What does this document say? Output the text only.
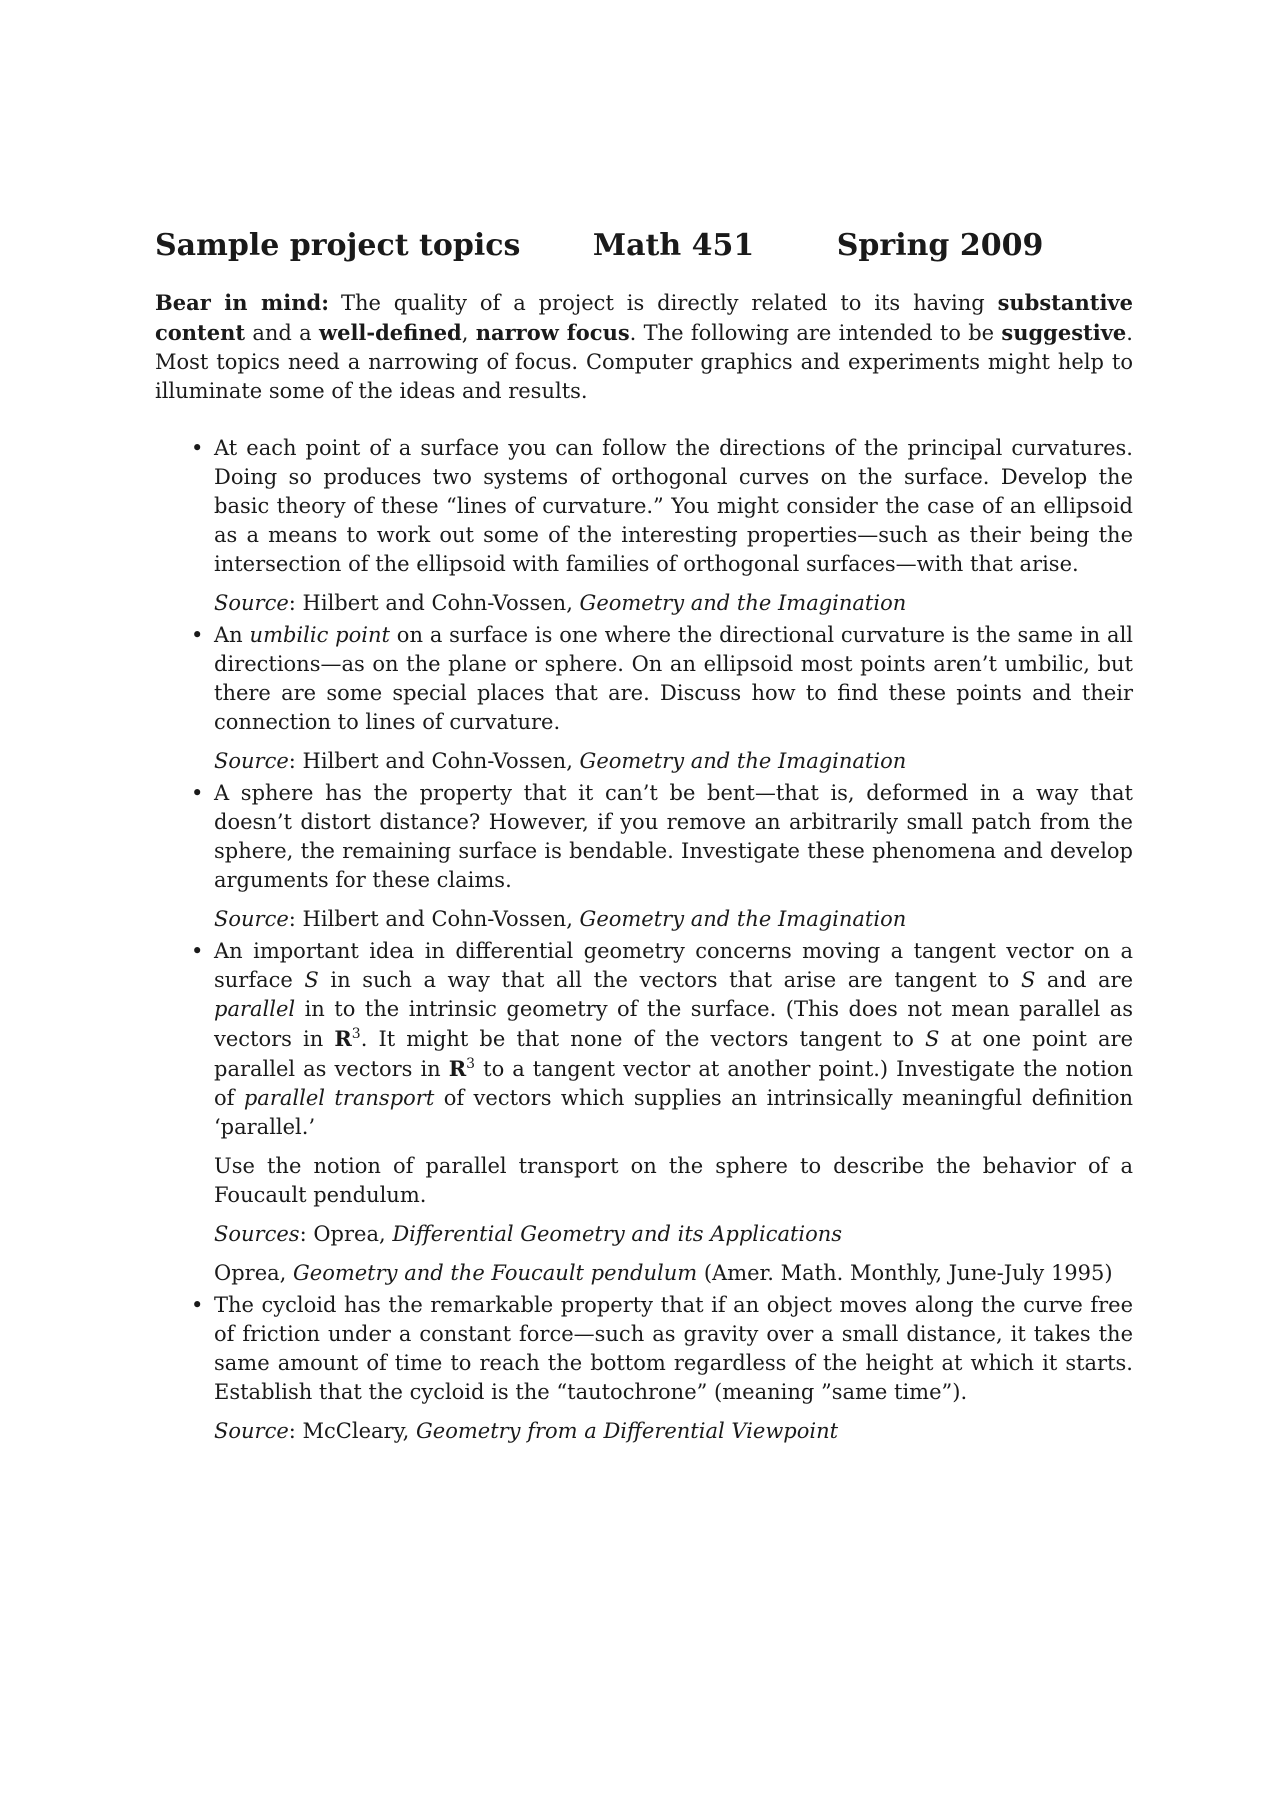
Sample project topics Math 451	Spring 2009

Bear in mind: The quality of a project is directly related to its having substantive content and a well-defined, narrow focus. The following are intended to be suggestive. Most topics need a narrowing of focus. Computer graphics and experiments might help to illuminate some of the ideas and results.

• At each point of a surface you can follow the directions of the principal curvatures. Doing so produces two systems of orthogonal curves on the surface. Develop the basic theory of these “lines of curvature.” You might consider the case of an ellipsoid as a means to work out some of the interesting properties—such as their being the intersection of the ellipsoid with families of orthogonal surfaces—with that arise.

Source: Hilbert and Cohn-Vossen, Geometry and the Imagination

• An umbilic point on a surface is one where the directional curvature is the same in all directions—as on the plane or sphere. On an ellipsoid most points aren’t umbilic, but there are some special places that are. Discuss how to find these points and their connection to lines of curvature.

Source: Hilbert and Cohn-Vossen, Geometry and the Imagination

• A sphere has the property that it can’t be bent—that is, deformed in a way that doesn’t distort distance? However, if you remove an arbitrarily small patch from the sphere, the remaining surface is bendable. Investigate these phenomena and develop arguments for these claims.

Source: Hilbert and Cohn-Vossen, Geometry and the Imagination

• An important idea in differential geometry concerns moving a tangent vector on a surface S in such a way that all the vectors that arise are tangent to S and are parallel in to the intrinsic geometry of the surface. (This does not mean parallel as vectors in $R^3$. It might be that none of the vectors tangent to S at one point are parallel as vectors in $R^3$ to a tangent vector at another point.) Investigate the notion of parallel transport of vectors which supplies an intrinsically meaningful definition ‘parallel.’

Use the notion of parallel transport on the sphere to describe the behavior of a Foucault pendulum.

Sources: Oprea, Differential Geometry and its Applications

Oprea, Geometry and the Foucault pendulum (Amer. Math. Monthly, June-July 1995)

• The cycloid has the remarkable property that if an object moves along the curve free of friction under a constant force—such as gravity over a small distance, it takes the same amount of time to reach the bottom regardless of the height at which it starts. Establish that the cycloid is the “tautochrone” (meaning ”same time”).

Source: McCleary, Geometry from a Differential Viewpoint
